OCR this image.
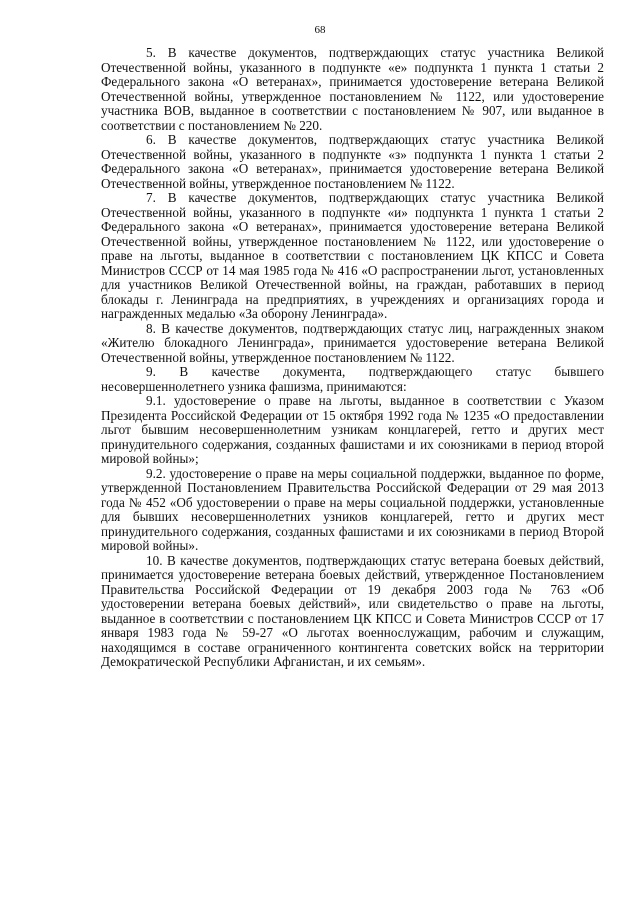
68

5. В качестве документов, подтверждающих статус участника Великой Отечественной войны, указанного в подпункте «е» подпункта 1 пункта 1 статьи 2 Федерального закона «О ветеранах», принимается удостоверение ветерана Великой Отечественной войны, утвержденное постановлением № 1122, или удостоверение участника ВОВ, выданное в соответствии с постановлением № 907, или выданное в соответствии с постановлением № 220.

6. В качестве документов, подтверждающих статус участника Великой Отечественной войны, указанного в подпункте «з» подпункта 1 пункта 1 статьи 2 Федерального закона «О ветеранах», принимается удостоверение ветерана Великой Отечественной войны, утвержденное постановлением № 1122.

7. В качестве документов, подтверждающих статус участника Великой Отечественной войны, указанного в подпункте «и» подпункта 1 пункта 1 статьи 2 Федерального закона «О ветеранах», принимается удостоверение ветерана Великой Отечественной войны, утвержденное постановлением № 1122, или удостоверение о праве на льготы, выданное в соответствии с постановлением ЦК КПСС и Совета Министров СССР от 14 мая 1985 года № 416 «О распространении льгот, установленных для участников Великой Отечественной войны, на граждан, работавших в период блокады г. Ленинграда на предприятиях, в учреждениях и организациях города и награжденных медалью «За оборону Ленинграда».

8. В качестве документов, подтверждающих статус лиц, награжденных знаком «Жителю блокадного Ленинграда», принимается удостоверение ветерана Великой Отечественной войны, утвержденное постановлением № 1122.

9. В качестве документа, подтверждающего статус бывшего несовершеннолетнего узника фашизма, принимаются:

9.1. удостоверение о праве на льготы, выданное в соответствии с Указом Президента Российской Федерации от 15 октября 1992 года № 1235 «О предоставлении льгот бывшим несовершеннолетним узникам концлагерей, гетто и других мест принудительного содержания, созданных фашистами и их союзниками в период второй мировой войны»;

9.2. удостоверение о праве на меры социальной поддержки, выданное по форме, утвержденной Постановлением Правительства Российской Федерации от 29 мая 2013 года № 452 «Об удостоверении о праве на меры социальной поддержки, установленные для бывших несовершеннолетних узников концлагерей, гетто и других мест принудительного содержания, созданных фашистами и их союзниками в период Второй мировой войны».

10. В качестве документов, подтверждающих статус ветерана боевых действий, принимается удостоверение ветерана боевых действий, утвержденное Постановлением Правительства Российской Федерации от 19 декабря 2003 года № 763 «Об удостоверении ветерана боевых действий», или свидетельство о праве на льготы, выданное в соответствии с постановлением ЦК КПСС и Совета Министров СССР от 17 января 1983 года № 59-27 «О льготах военнослужащим, рабочим и служащим, находящимся в составе ограниченного контингента советских войск на территории Демократической Республики Афганистан, и их семьям».
